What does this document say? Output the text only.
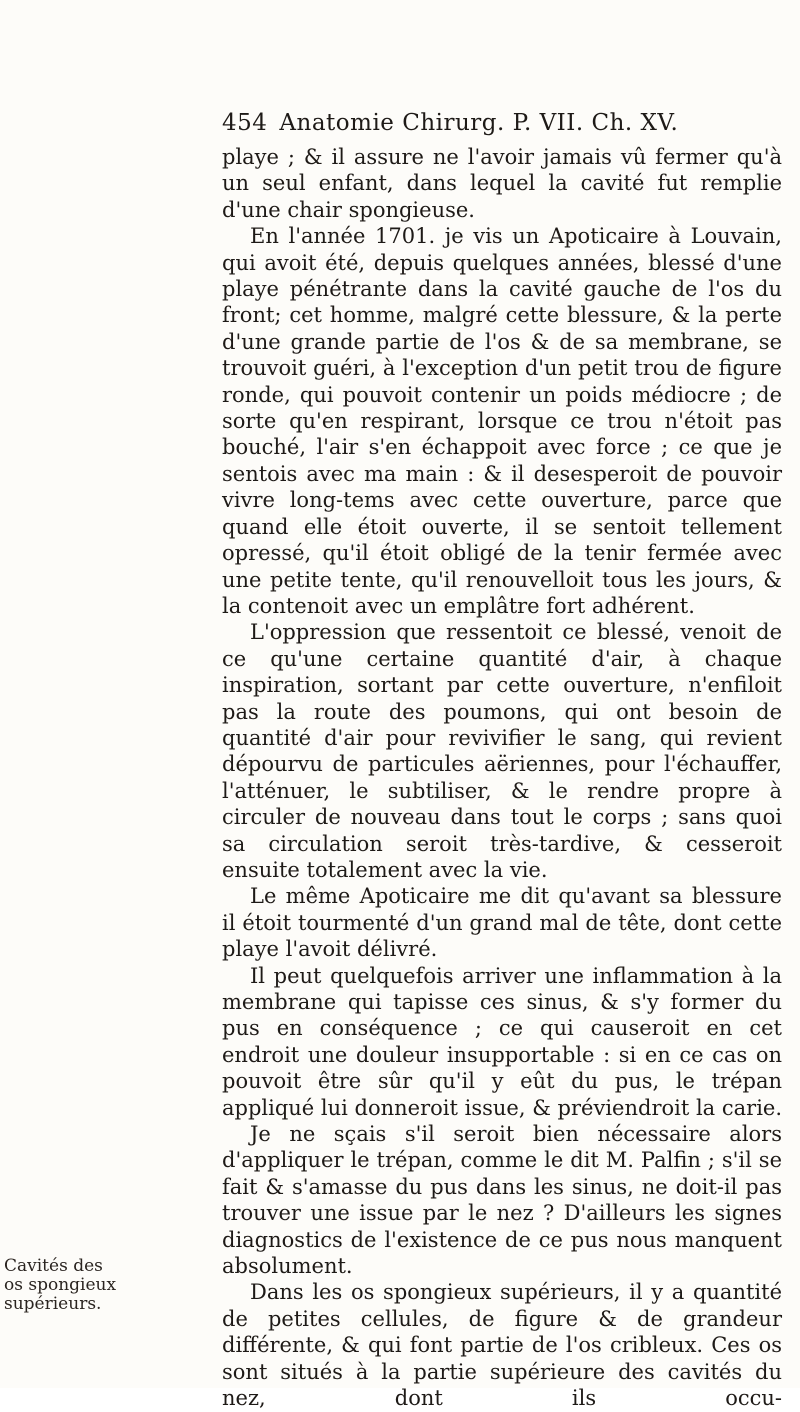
454 Anatomie Chirurg. P. VII. Ch. XV.

playe ; & il assure ne l'avoir jamais vû fermer qu'à un seul enfant, dans lequel la cavité fut remplie d'une chair spongieuse.

En l'année 1701. je vis un Apoticaire à Louvain, qui avoit été, depuis quelques années, blessé d'une playe pénétrante dans la cavité gauche de l'os du front; cet homme, malgré cette blessure, & la perte d'une grande partie de l'os & de sa membrane, se trouvoit guéri, à l'exception d'un petit trou de figure ronde, qui pouvoit contenir un poids médiocre ; de sorte qu'en respirant, lorsque ce trou n'étoit pas bouché, l'air s'en échappoit avec force ; ce que je sentois avec ma main : & il desesperoit de pouvoir vivre long-tems avec cette ouverture, parce que quand elle étoit ouverte, il se sentoit tellement opressé, qu'il étoit obligé de la tenir fermée avec une petite tente, qu'il renouvelloit tous les jours, & la contenoit avec un emplâtre fort adhérent.

L'oppression que ressentoit ce blessé, venoit de ce qu'une certaine quantité d'air, à chaque inspiration, sortant par cette ouverture, n'enfiloit pas la route des poumons, qui ont besoin de quantité d'air pour revivifier le sang, qui revient dépourvu de particules aëriennes, pour l'échauffer, l'atténuer, le subtiliser, & le rendre propre à circuler de nouveau dans tout le corps ; sans quoi sa circulation seroit très-tardive, & cesseroit ensuite totalement avec la vie.

Le même Apoticaire me dit qu'avant sa blessure il étoit tourmenté d'un grand mal de tête, dont cette playe l'avoit délivré.

Il peut quelquefois arriver une inflammation à la membrane qui tapisse ces sinus, & s'y former du pus en conséquence ; ce qui causeroit en cet endroit une douleur insupportable : si en ce cas on pouvoit être sûr qu'il y eût du pus, le trépan appliqué lui donneroit issue, & préviendroit la carie.

Je ne sçais s'il seroit bien nécessaire alors d'appliquer le trépan, comme le dit M. Palfin ; s'il se fait & s'amasse du pus dans les sinus, ne doit-il pas trouver une issue par le nez ? D'ailleurs les signes diagnostics de l'existence de ce pus nous manquent absolument.

Dans les os spongieux supérieurs, il y a quantité de petites cellules, de figure & de grandeur différente, & qui font partie de l'os cribleux. Ces os sont situés à la partie supérieure des cavités du nez, dont ils occu-

Cavités des
os spongieux
supérieurs.
